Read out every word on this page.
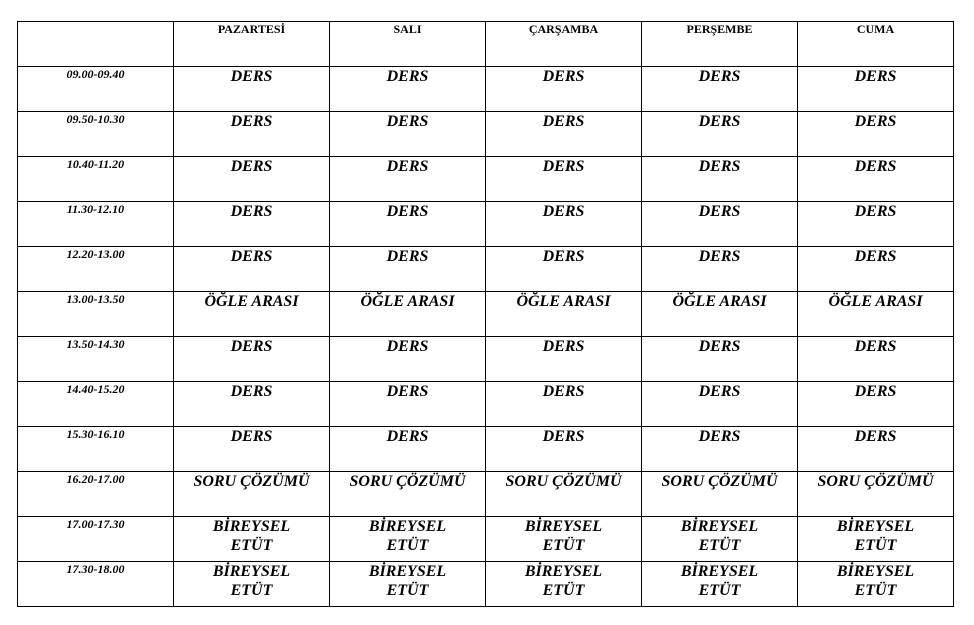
	PAZARTESİ	SALI	ÇARŞAMBA	PERŞEMBE	CUMA
09.00-09.40	DERS	DERS	DERS	DERS	DERS

09.50-10.30	DERS	DERS	DERS	DERS	DERS

10.40-11.20	DERS	DERS	DERS	DERS	DERS

11.30-12.10	DERS	DERS	DERS	DERS	DERS

12.20-13.00	DERS	DERS	DERS	DERS	DERS

13.00-13.50	ÖĞLE ARASI	ÖĞLE ARASI	ÖĞLE ARASI	ÖĞLE ARASI	ÖĞLE ARASI

13.50-14.30	DERS	DERS	DERS	DERS	DERS

14.40-15.20	DERS	DERS	DERS	DERS	DERS

15.30-16.10	DERS	DERS	DERS	DERS	DERS

16.20-17.00	SORU ÇÖZÜMÜ	SORU ÇÖZÜMÜ	SORU ÇÖZÜMÜ	SORU ÇÖZÜMÜ	SORU ÇÖZÜMÜ

17.00-17.30	BİREYSEL
ETÜT	BİREYSEL
ETÜT	BİREYSEL
ETÜT	BİREYSEL
ETÜT	BİREYSEL
ETÜT

17.30-18.00	BİREYSEL
ETÜT	BİREYSEL
ETÜT	BİREYSEL
ETÜT	BİREYSEL
ETÜT	BİREYSEL
ETÜT
